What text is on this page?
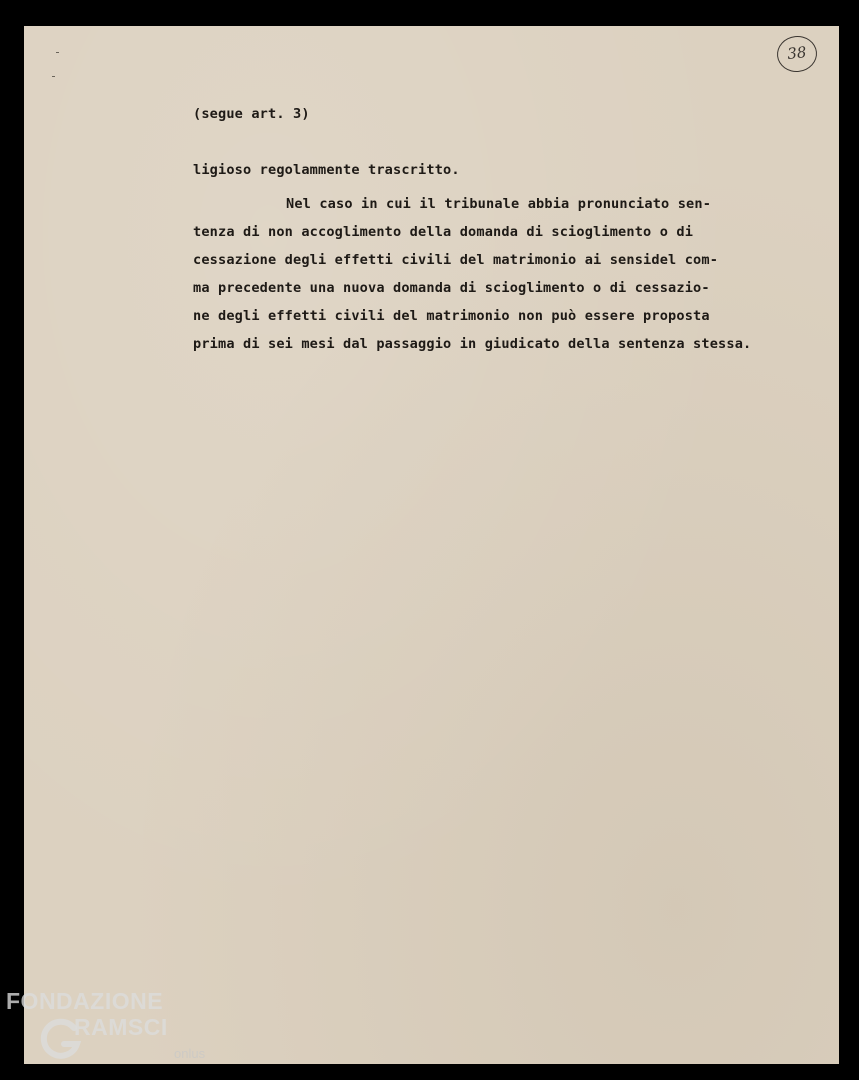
38
(segue art. 3)
ligioso regolammente trascritto.
Nel caso in cui il tribunale abbia pronunciato sen-
tenza di non accoglimento della domanda di scioglimento o di
cessazione degli effetti civili del matrimonio ai sensidel com-
ma precedente una nuova domanda di scioglimento o di cessazio-
ne degli effetti civili del matrimonio non può essere proposta
prima di sei mesi dal passaggio in giudicato della sentenza stessa.
FONDAZIONE
RAMSCI
onlus
